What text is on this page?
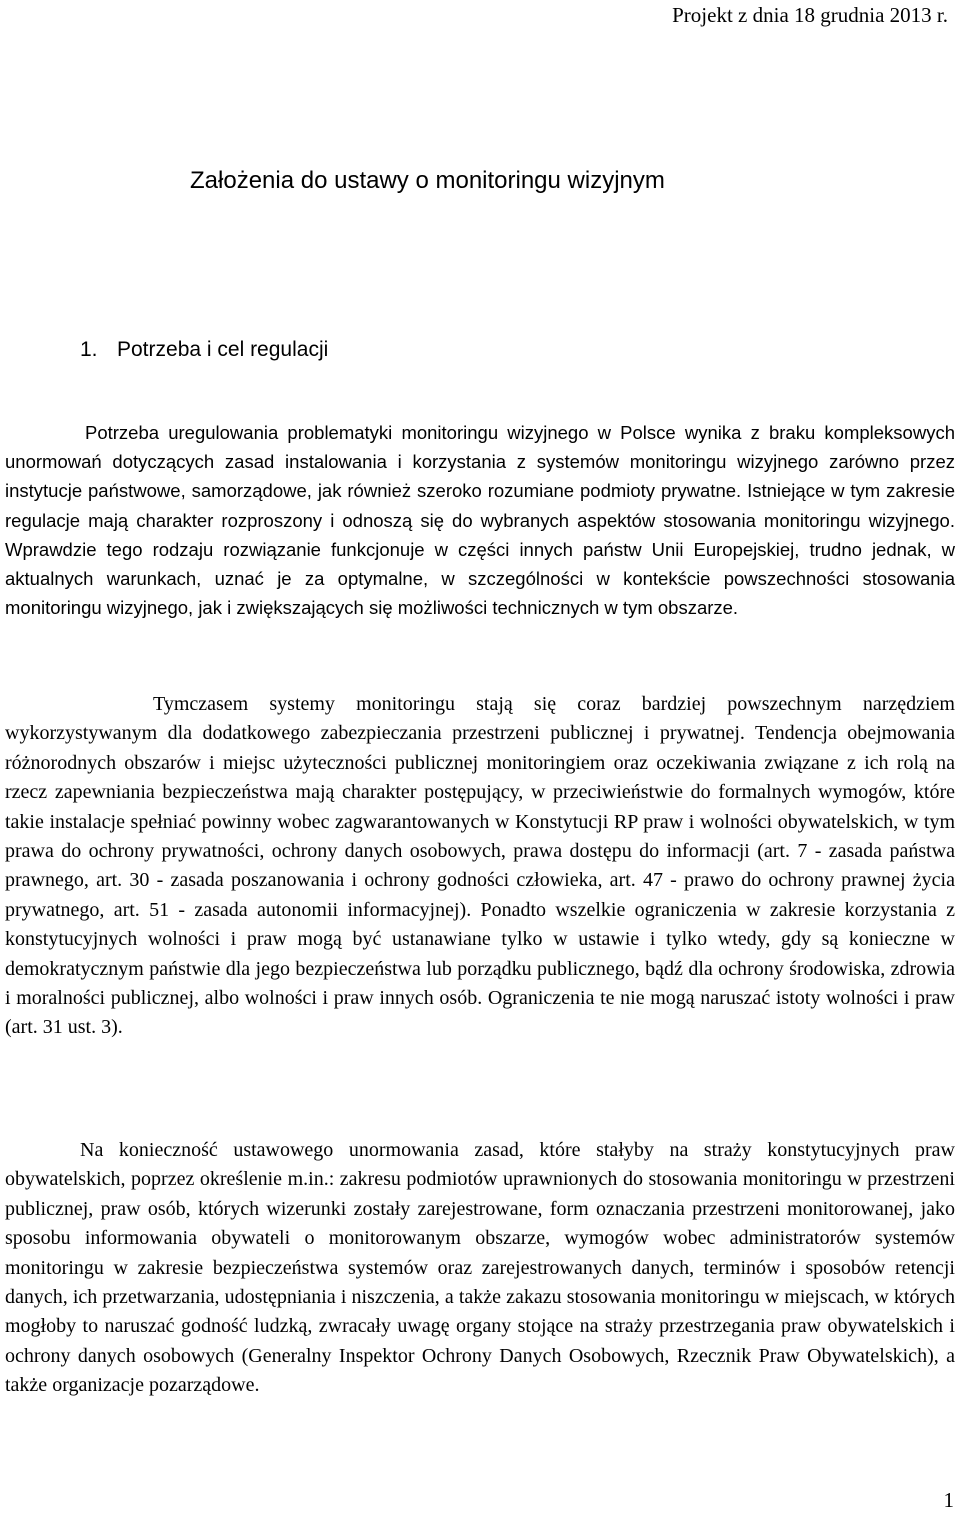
Projekt z dnia 18 grudnia 2013 r.
Założenia do ustawy o monitoringu wizyjnym
1. Potrzeba i cel regulacji

Potrzeba uregulowania problematyki monitoringu wizyjnego w Polsce wynika z braku kompleksowych unormowań dotyczących zasad instalowania i korzystania z systemów monitoringu wizyjnego zarówno przez instytucje państwowe, samorządowe, jak również szeroko rozumiane podmioty prywatne. Istniejące w tym zakresie regulacje mają charakter rozproszony i odnoszą się do wybranych aspektów stosowania monitoringu wizyjnego. Wprawdzie tego rodzaju rozwiązanie funkcjonuje w części innych państw Unii Europejskiej, trudno jednak, w aktualnych warunkach, uznać je za optymalne, w szczególności w kontekście powszechności stosowania monitoringu wizyjnego, jak i zwiększających się możliwości technicznych w tym obszarze.

Tymczasem systemy monitoringu stają się coraz bardziej powszechnym narzędziem wykorzystywanym dla dodatkowego zabezpieczania przestrzeni publicznej i prywatnej. Tendencja obejmowania różnorodnych obszarów i miejsc użyteczności publicznej monitoringiem oraz oczekiwania związane z ich rolą na rzecz zapewniania bezpieczeństwa mają charakter postępujący, w przeciwieństwie do formalnych wymogów, które takie instalacje spełniać powinny wobec zagwarantowanych w Konstytucji RP praw i wolności obywatelskich, w tym prawa do ochrony prywatności, ochrony danych osobowych, prawa dostępu do informacji (art. 7 - zasada państwa prawnego, art. 30 - zasada poszanowania i ochrony godności człowieka, art. 47 - prawo do ochrony prawnej życia prywatnego, art. 51 - zasada autonomii informacyjnej). Ponadto wszelkie ograniczenia w zakresie korzystania z konstytucyjnych wolności i praw mogą być ustanawiane tylko w ustawie i tylko wtedy, gdy są konieczne w demokratycznym państwie dla jego bezpieczeństwa lub porządku publicznego, bądź dla ochrony środowiska, zdrowia i moralności publicznej, albo wolności i praw innych osób. Ograniczenia te nie mogą naruszać istoty wolności i praw (art. 31 ust. 3).

Na konieczność ustawowego unormowania zasad, które stałyby na straży konstytucyjnych praw obywatelskich, poprzez określenie m.in.: zakresu podmiotów uprawnionych do stosowania monitoringu w przestrzeni publicznej, praw osób, których wizerunki zostały zarejestrowane, form oznaczania przestrzeni monitorowanej, jako sposobu informowania obywateli o monitorowanym obszarze, wymogów wobec administratorów systemów monitoringu w zakresie bezpieczeństwa systemów oraz zarejestrowanych danych, terminów i sposobów retencji danych, ich przetwarzania, udostępniania i niszczenia, a także zakazu stosowania monitoringu w miejscach, w których mogłoby to naruszać godność ludzką, zwracały uwagę organy stojące na straży przestrzegania praw obywatelskich i ochrony danych osobowych (Generalny Inspektor Ochrony Danych Osobowych, Rzecznik Praw Obywatelskich), a także organizacje pozarządowe.

1
